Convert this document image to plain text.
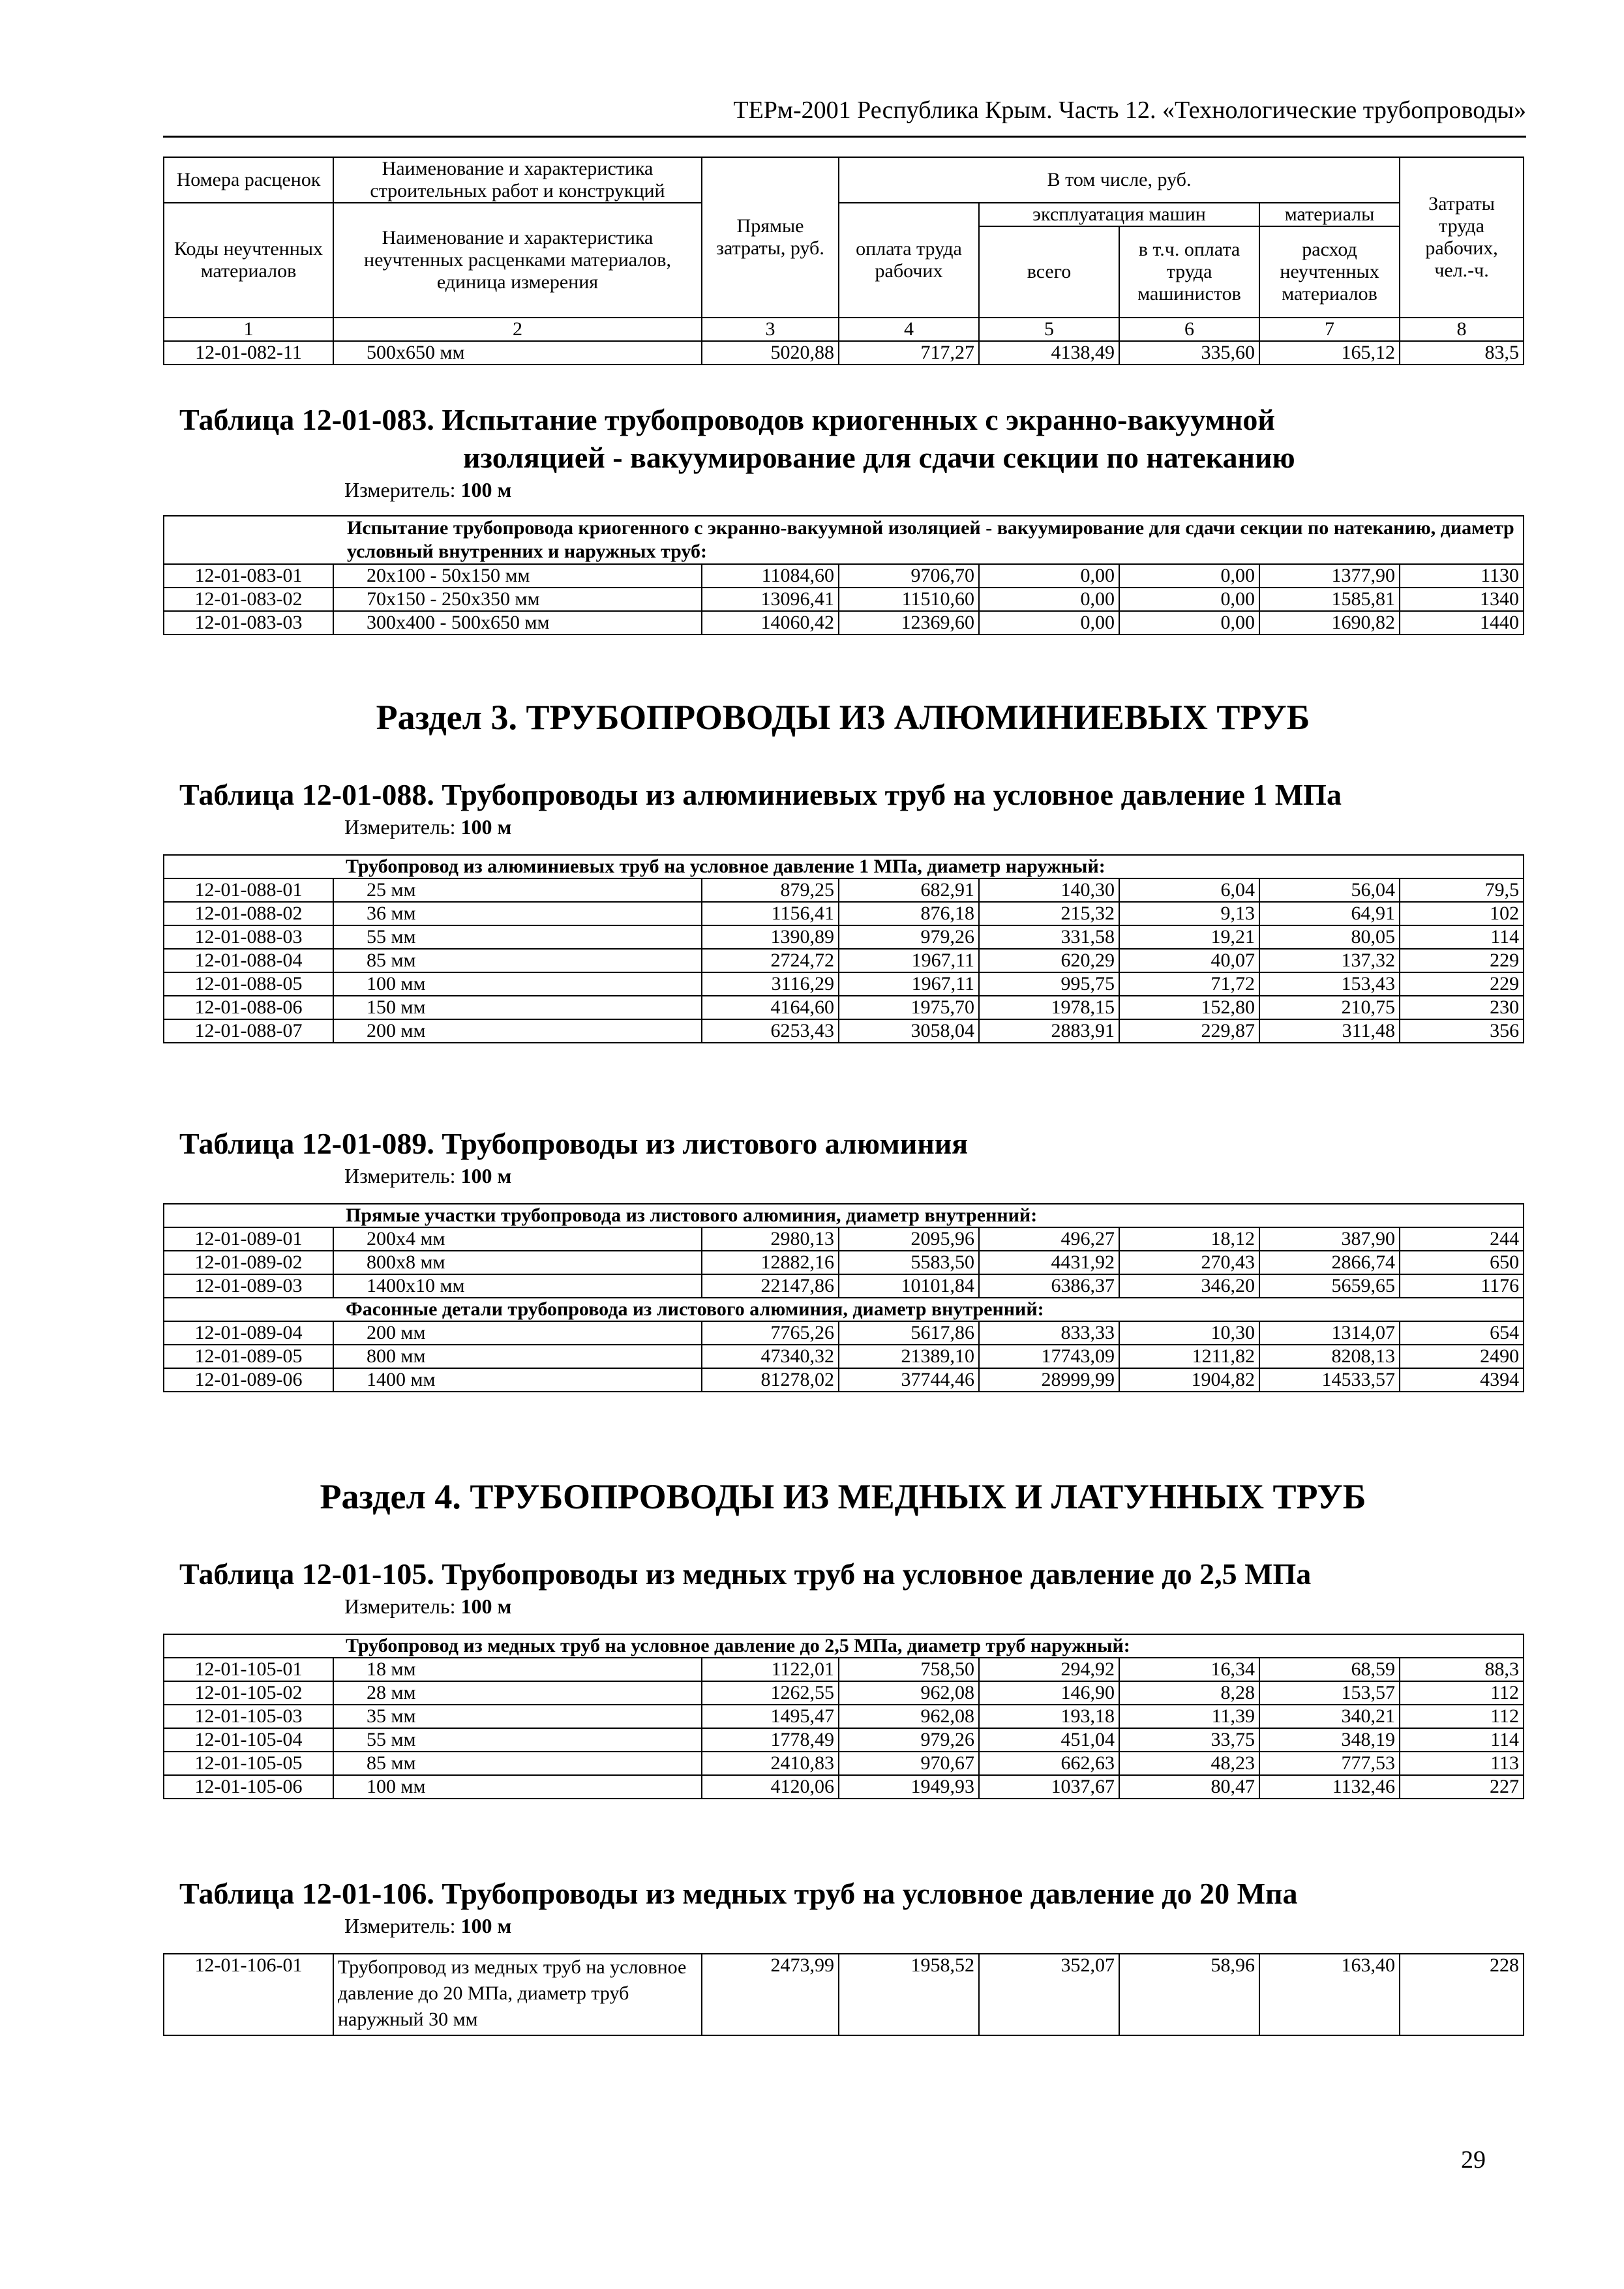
ТЕРм-2001 Республика Крым. Часть 12. «Технологические трубопроводы»
Номера расценок	Наименование и характеристика строительных работ и конструкций	Прямые затраты, руб.	В том числе, руб.				Затраты труда рабочих, чел.-ч.
Коды неучтенных материалов	Наименование и характеристика неучтенных расценками материалов, единица измерения		оплата труда рабочих	эксплуатация машин		материалы	
				всего	в т.ч. оплата труда машинистов	расход неучтенных материалов	
1	2	3	4	5	6	7	8
12-01-082-11	500х650 мм	5020,88	717,27	4138,49	335,60	165,12	83,5
Таблица 12-01-083. Испытание трубопроводов криогенных с экранно-вакуумной
изоляцией - вакуумирование для сдачи секции по натеканию
Измеритель: 100 м
Испытание трубопровода криогенного с экранно-вакуумной изоляцией - вакуумирование для сдачи секции по натеканию, диаметр условный внутренних и наружных труб:							
12-01-083-01	20х100 - 50х150 мм	11084,60	9706,70	0,00	0,00	1377,90	1130
12-01-083-02	70х150 - 250х350 мм	13096,41	11510,60	0,00	0,00	1585,81	1340
12-01-083-03	300х400 - 500х650 мм	14060,42	12369,60	0,00	0,00	1690,82	1440
Раздел 3. ТРУБОПРОВОДЫ ИЗ АЛЮМИНИЕВЫХ ТРУБ
Таблица 12-01-088. Трубопроводы из алюминиевых труб на условное давление 1 МПа
Измеритель: 100 м
Трубопровод из алюминиевых труб на условное давление 1 МПа, диаметр наружный:							
12-01-088-01	25 мм	879,25	682,91	140,30	6,04	56,04	79,5
12-01-088-02	36 мм	1156,41	876,18	215,32	9,13	64,91	102
12-01-088-03	55 мм	1390,89	979,26	331,58	19,21	80,05	114
12-01-088-04	85 мм	2724,72	1967,11	620,29	40,07	137,32	229
12-01-088-05	100 мм	3116,29	1967,11	995,75	71,72	153,43	229
12-01-088-06	150 мм	4164,60	1975,70	1978,15	152,80	210,75	230
12-01-088-07	200 мм	6253,43	3058,04	2883,91	229,87	311,48	356
Таблица 12-01-089. Трубопроводы из листового алюминия
Измеритель: 100 м
Прямые участки трубопровода из листового алюминия, диаметр внутренний:							
12-01-089-01	200х4 мм	2980,13	2095,96	496,27	18,12	387,90	244
12-01-089-02	800х8 мм	12882,16	5583,50	4431,92	270,43	2866,74	650
12-01-089-03	1400х10 мм	22147,86	10101,84	6386,37	346,20	5659,65	1176
Фасонные детали трубопровода из листового алюминия, диаметр внутренний:							
12-01-089-04	200 мм	7765,26	5617,86	833,33	10,30	1314,07	654
12-01-089-05	800 мм	47340,32	21389,10	17743,09	1211,82	8208,13	2490
12-01-089-06	1400 мм	81278,02	37744,46	28999,99	1904,82	14533,57	4394
Раздел 4. ТРУБОПРОВОДЫ ИЗ МЕДНЫХ И ЛАТУННЫХ ТРУБ
Таблица 12-01-105. Трубопроводы из медных труб на условное давление до 2,5 МПа
Измеритель: 100 м
Трубопровод из медных труб на условное давление до 2,5 МПа, диаметр труб наружный:							
12-01-105-01	18 мм	1122,01	758,50	294,92	16,34	68,59	88,3
12-01-105-02	28 мм	1262,55	962,08	146,90	8,28	153,57	112
12-01-105-03	35 мм	1495,47	962,08	193,18	11,39	340,21	112
12-01-105-04	55 мм	1778,49	979,26	451,04	33,75	348,19	114
12-01-105-05	85 мм	2410,83	970,67	662,63	48,23	777,53	113
12-01-105-06	100 мм	4120,06	1949,93	1037,67	80,47	1132,46	227
Таблица 12-01-106. Трубопроводы из медных труб на условное давление до 20 Мпа
Измеритель: 100 м
12-01-106-01	Трубопровод из медных труб на условное давление до 20 МПа, диаметр труб наружный 30 мм	2473,99	1958,52	352,07	58,96	163,40	228
29
